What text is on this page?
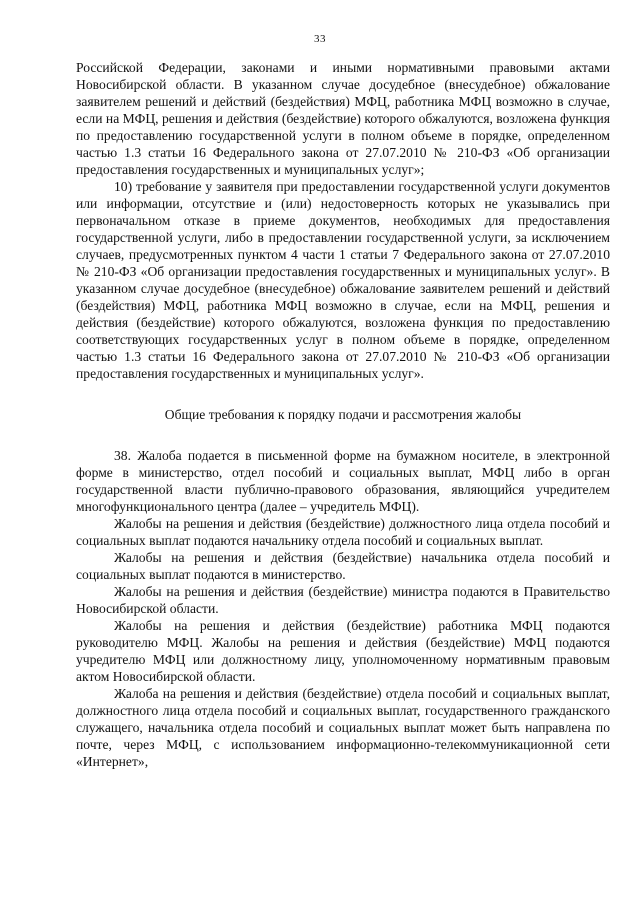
33

Российской Федерации, законами и иными нормативными правовыми актами Новосибирской области. В указанном случае досудебное (внесудебное) обжалование заявителем решений и действий (бездействия) МФЦ, работника МФЦ возможно в случае, если на МФЦ, решения и действия (бездействие) которого обжалуются, возложена функция по предоставлению государственной услуги в полном объеме в порядке, определенном частью 1.3 статьи 16 Федерального закона от 27.07.2010 № 210-ФЗ «Об организации предоставления государственных и муниципальных услуг»;

10) требование у заявителя при предоставлении государственной услуги документов или информации, отсутствие и (или) недостоверность которых не указывались при первоначальном отказе в приеме документов, необходимых для предоставления государственной услуги, либо в предоставлении государственной услуги, за исключением случаев, предусмотренных пунктом 4 части 1 статьи 7 Федерального закона от 27.07.2010 № 210-ФЗ «Об организации предоставления государственных и муниципальных услуг». В указанном случае досудебное (внесудебное) обжалование заявителем решений и действий (бездействия) МФЦ, работника МФЦ возможно в случае, если на МФЦ, решения и действия (бездействие) которого обжалуются, возложена функция по предоставлению соответствующих государственных услуг в полном объеме в порядке, определенном частью 1.3 статьи 16 Федерального закона от 27.07.2010 № 210-ФЗ «Об организации предоставления государственных и муниципальных услуг».

Общие требования к порядку подачи и рассмотрения жалобы

38. Жалоба подается в письменной форме на бумажном носителе, в электронной форме в министерство, отдел пособий и социальных выплат, МФЦ либо в орган государственной власти публично-правового образования, являющийся учредителем многофункционального центра (далее – учредитель МФЦ).

Жалобы на решения и действия (бездействие) должностного лица отдела пособий и социальных выплат подаются начальнику отдела пособий и социальных выплат.

Жалобы на решения и действия (бездействие) начальника отдела пособий и социальных выплат подаются в министерство.

Жалобы на решения и действия (бездействие) министра подаются в Правительство Новосибирской области.

Жалобы на решения и действия (бездействие) работника МФЦ подаются руководителю МФЦ. Жалобы на решения и действия (бездействие) МФЦ подаются учредителю МФЦ или должностному лицу, уполномоченному нормативным правовым актом Новосибирской области.

Жалоба на решения и действия (бездействие) отдела пособий и социальных выплат, должностного лица отдела пособий и социальных выплат, государственного гражданского служащего, начальника отдела пособий и социальных выплат может быть направлена по почте, через МФЦ, с использованием информационно-телекоммуникационной сети «Интернет»,
